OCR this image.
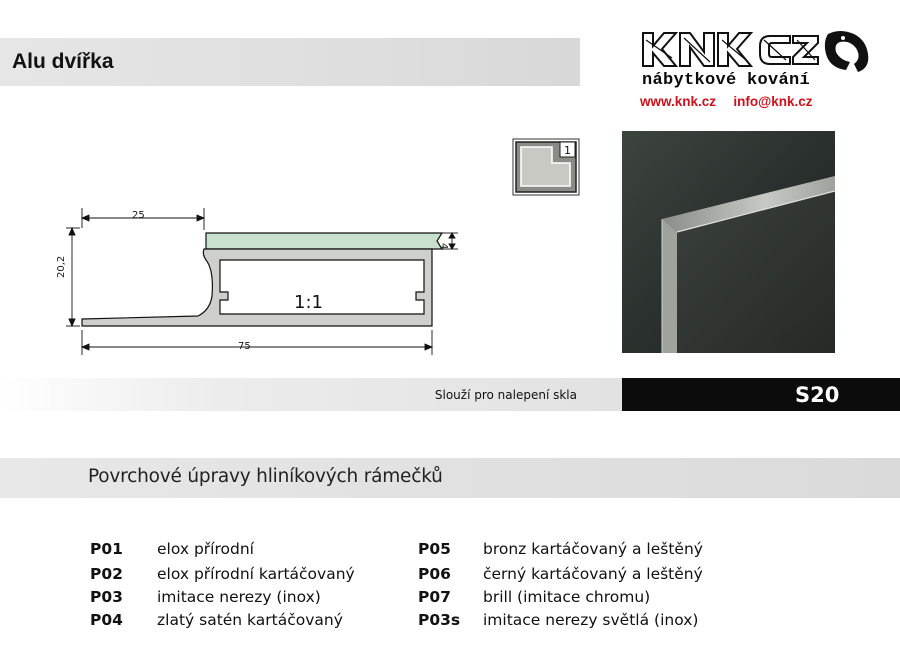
Alu dvířka
nábytkové kování
www.knk.cz info@knk.cz
1
25
20,2
4
75
1:1
Slouží pro nalepení skla	S20
Povrchové úpravy hliníkových rámečků
P01 elox přírodní
P02 elox přírodní kartáčovaný
P03 imitace nerezy (inox)
P04 zlatý satén kartáčovaný
P05 bronz kartáčovaný a leštěný
P06 černý kartáčovaný a leštěný
P07 brill (imitace chromu)
P03s imitace nerezy světlá (inox)
